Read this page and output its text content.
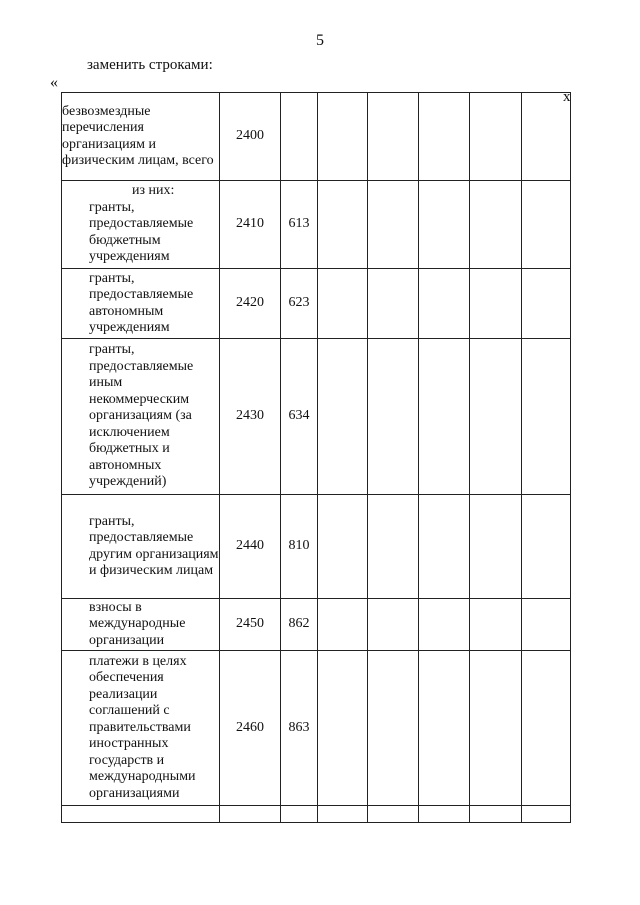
5
заменить строками:
«
х
безвозмездные перечисления организациям и физическим лицам, всего	2400						

из них:
гранты, предоставляемые бюджетным учреждениям	2410	613					
гранты, предоставляемые автономным учреждениям	2420	623					
гранты, предоставляемые иным некоммерческим организациям (за исключением бюджетных и автономных учреждений)	2430	634					
гранты, предоставляемые другим организациям и физическим лицам	2440	810					
взносы в международные организации	2450	862					
платежи в целях обеспечения реализации соглашений с правительствами иностранных государств и международными организациями	2460	863					
